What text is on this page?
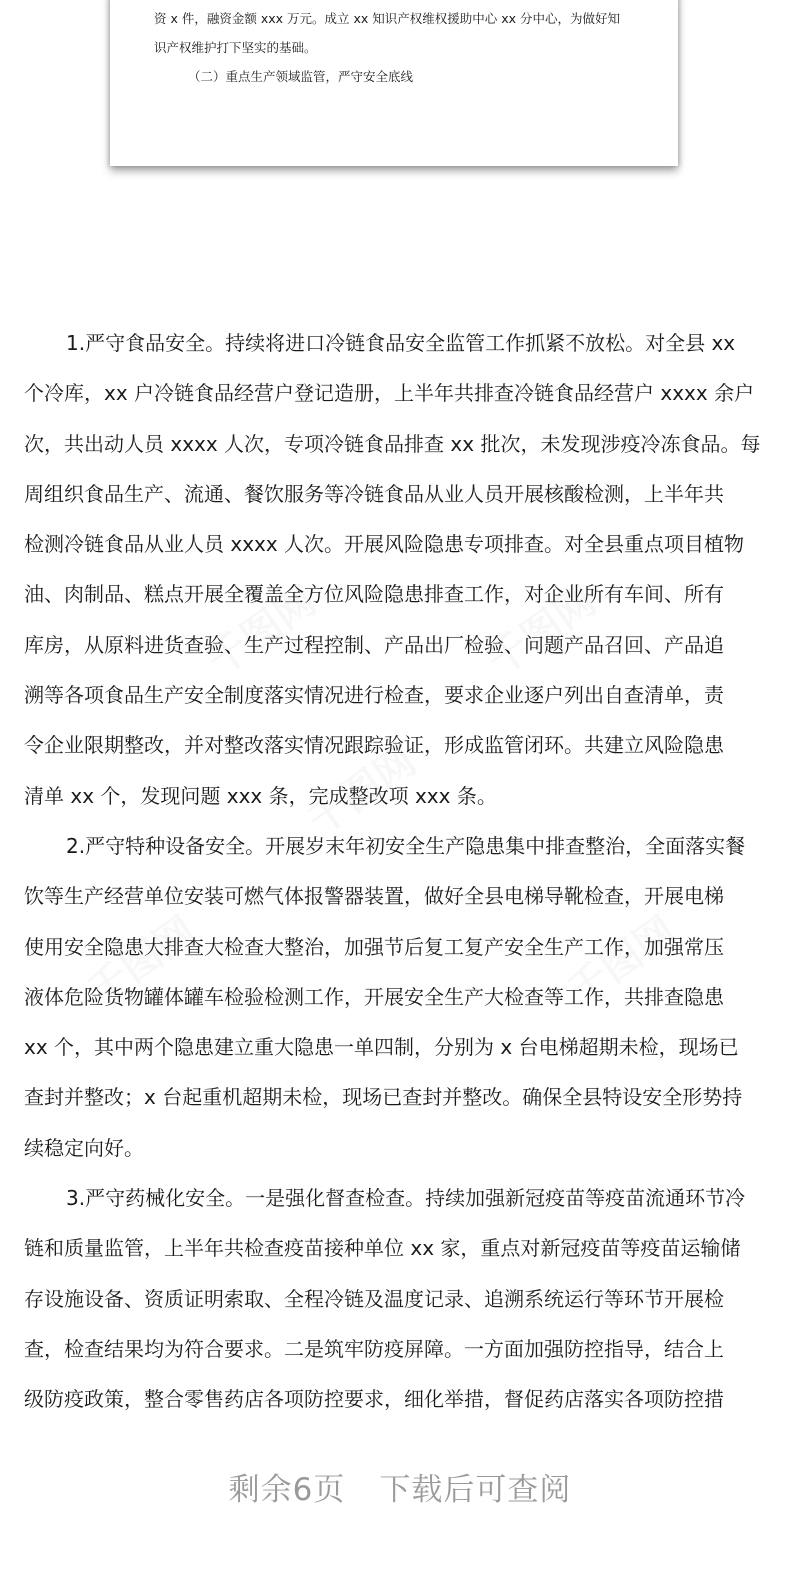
资 x 件，融资金额 xxx 万元。成立 xx 知识产权维权援助中心 xx 分中心，为做好知

识产权维护打下坚实的基础。

（二）重点生产领域监管，严守安全底线

千图网	千图网
千图网
千图网	千图网

1.严守食品安全。持续将进口冷链食品安全监管工作抓紧不放松。对全县 xx
个冷库，xx 户冷链食品经营户登记造册，上半年共排查冷链食品经营户 xxxx 余户
次，共出动人员 xxxx 人次，专项冷链食品排查 xx 批次，未发现涉疫冷冻食品。每
周组织食品生产、流通、餐饮服务等冷链食品从业人员开展核酸检测，上半年共
检测冷链食品从业人员 xxxx 人次。开展风险隐患专项排查。对全县重点项目植物
油、肉制品、糕点开展全覆盖全方位风险隐患排查工作，对企业所有车间、所有
库房，从原料进货查验、生产过程控制、产品出厂检验、问题产品召回、产品追
溯等各项食品生产安全制度落实情况进行检查，要求企业逐户列出自查清单，责
令企业限期整改，并对整改落实情况跟踪验证，形成监管闭环。共建立风险隐患
清单 xx 个，发现问题 xxx 条，完成整改项 xxx 条。

2.严守特种设备安全。开展岁末年初安全生产隐患集中排查整治，全面落实餐
饮等生产经营单位安装可燃气体报警器装置，做好全县电梯导靴检查，开展电梯
使用安全隐患大排查大检查大整治，加强节后复工复产安全生产工作，加强常压
液体危险货物罐体罐车检验检测工作，开展安全生产大检查等工作，共排查隐患
xx 个，其中两个隐患建立重大隐患一单四制，分别为 x 台电梯超期未检，现场已
查封并整改；x 台起重机超期未检，现场已查封并整改。确保全县特设安全形势持
续稳定向好。

3.严守药械化安全。一是强化督查检查。持续加强新冠疫苗等疫苗流通环节冷
链和质量监管，上半年共检查疫苗接种单位 xx 家，重点对新冠疫苗等疫苗运输储
存设施设备、资质证明索取、全程冷链及温度记录、追溯系统运行等环节开展检
查，检查结果均为符合要求。二是筑牢防疫屏障。一方面加强防控指导，结合上
级防疫政策，整合零售药店各项防控要求，细化举措，督促药店落实各项防控措

剩余6页 下载后可查阅
